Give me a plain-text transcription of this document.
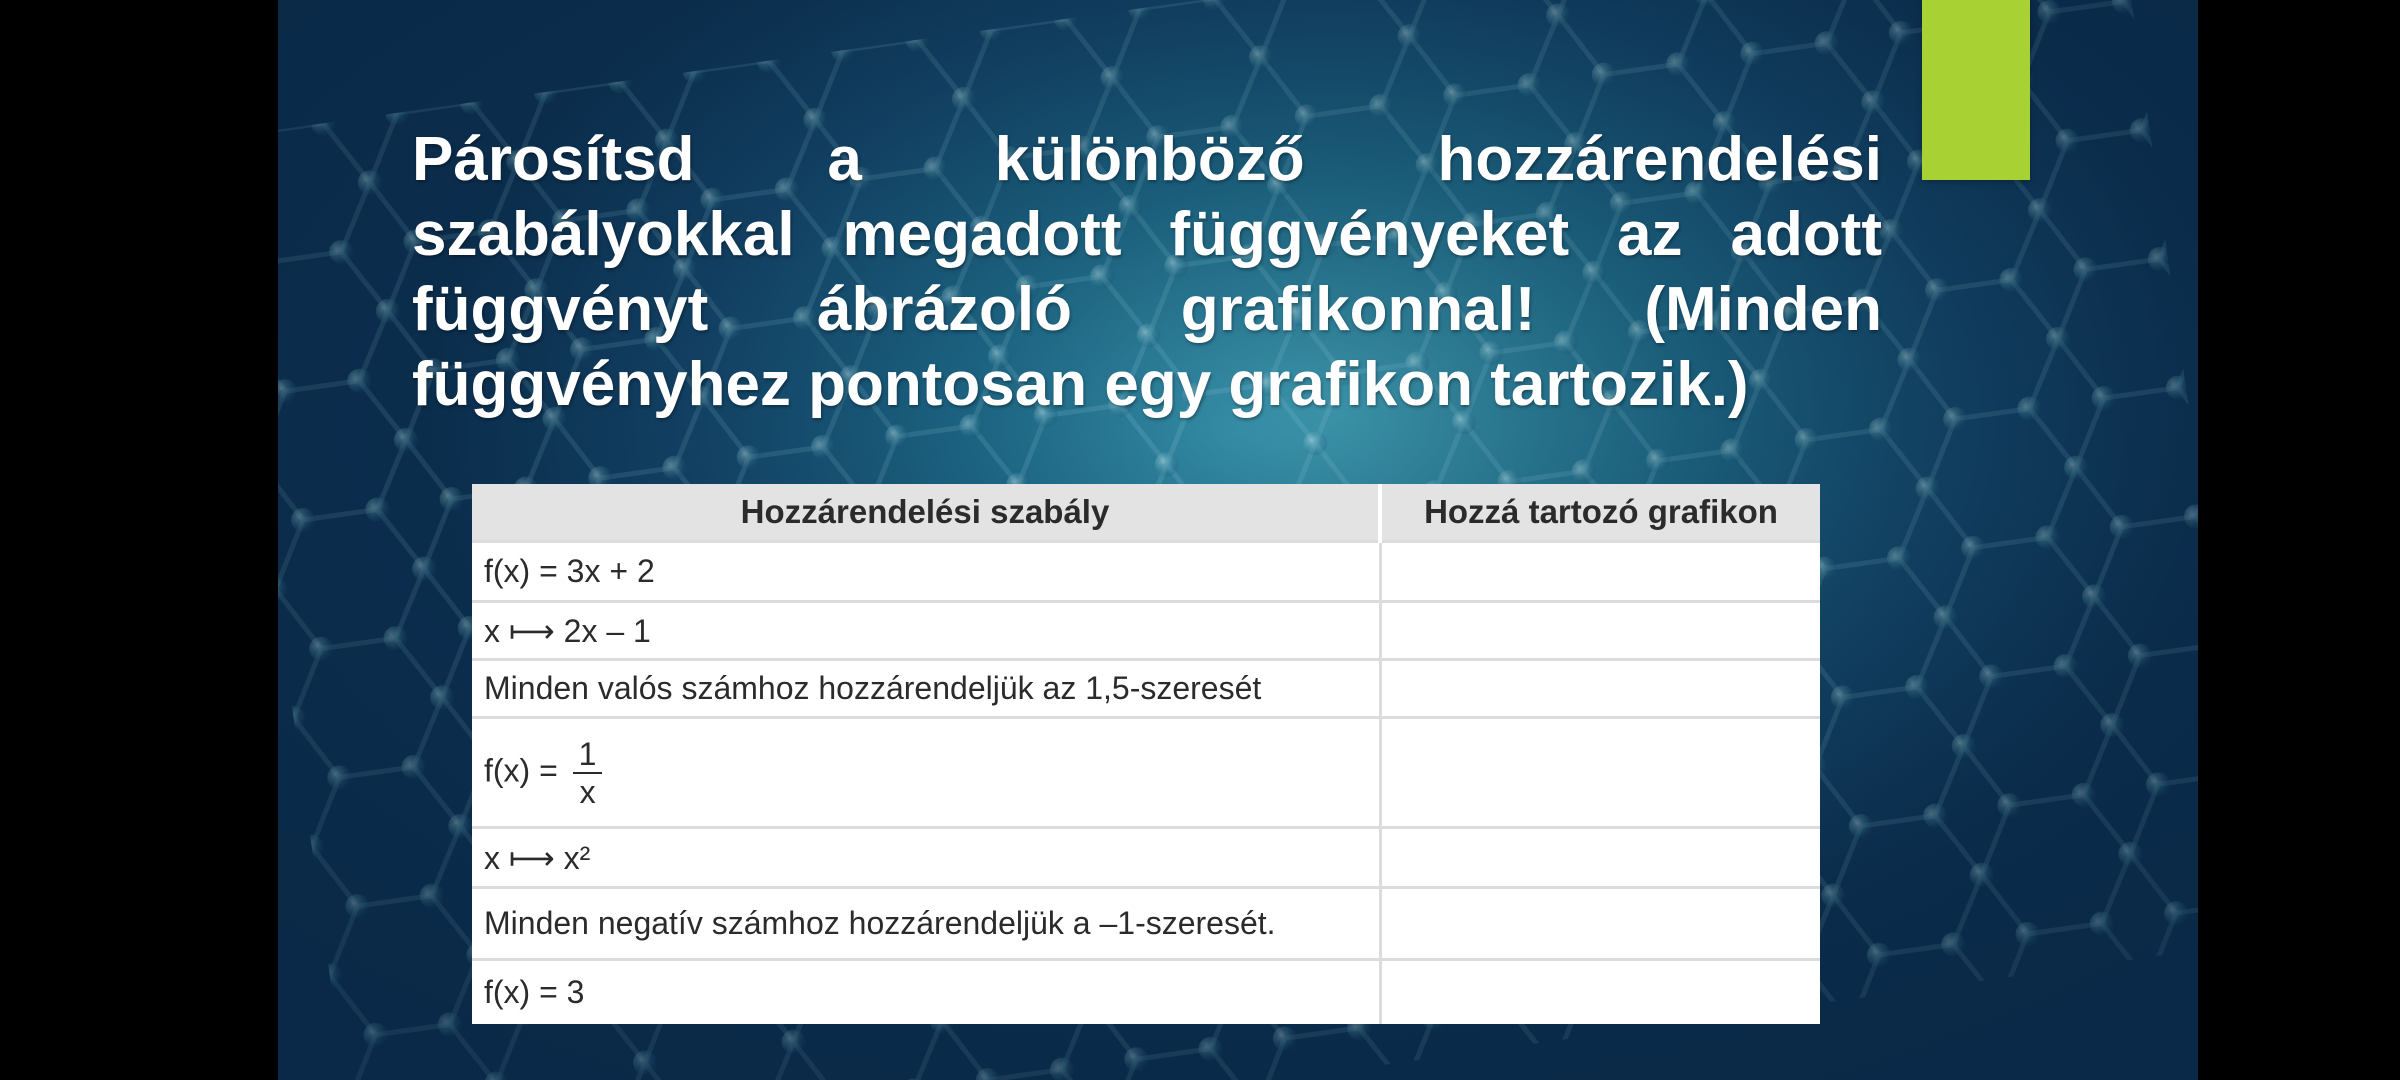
Párosítsd a különböző hozzárendelési szabályokkal megadott függvényeket az adott függvényt ábrázoló grafikonnal! (Minden függvényhez pontosan egy grafikon tartozik.)
Hozzárendelési szabály	Hozzá tartozó grafikon
f(x) = 3x + 2	
x ⟼ 2x – 1	
Minden valós számhoz hozzárendeljük az 1,5-szeresét	
$f(x) = \frac{1}{x}$

x ⟼ x²	
Minden negatív számhoz hozzárendeljük a –1-szeresét.	
f(x) = 3	
